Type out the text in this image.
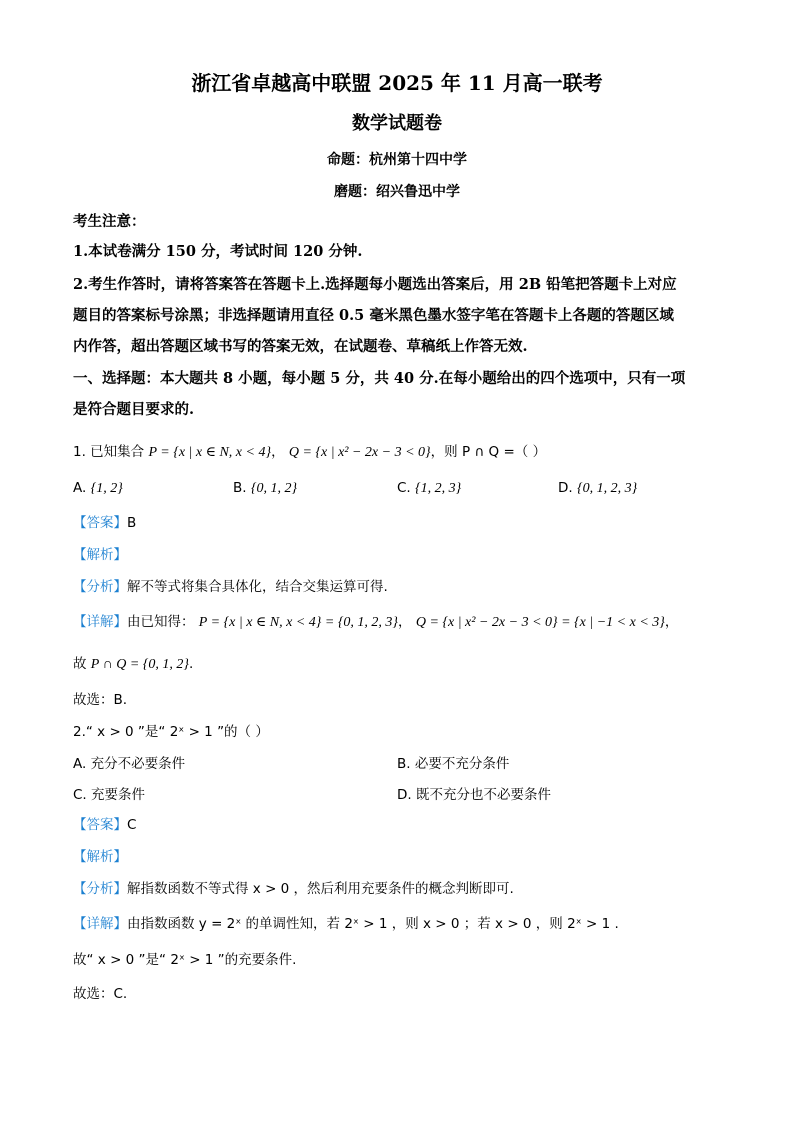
浙江省卓越高中联盟 2025 年 11 月高一联考
数学试题卷
命题：杭州第十四中学
磨题：绍兴鲁迅中学
考生注意：
1.本试卷满分 150 分，考试时间 120 分钟.
2.考生作答时，请将答案答在答题卡上.选择题每小题选出答案后，用 2B 铅笔把答题卡上对应
题目的答案标号涂黑；非选择题请用直径 0.5 毫米黑色墨水签字笔在答题卡上各题的答题区域
内作答，超出答题区域书写的答案无效，在试题卷、草稿纸上作答无效.
一、选择题：本大题共 8 小题，每小题 5 分，共 40 分.在每小题给出的四个选项中，只有一项
是符合题目要求的.
1. 已知集合 P = {x | x ∈ N, x < 4}， Q = {x | x² − 2x − 3 < 0}，则 P ∩ Q =（ ）
A. {1, 2}	B. {0, 1, 2}	C. {1, 2, 3}	D. {0, 1, 2, 3}
【答案】B
【解析】
【分析】解不等式将集合具体化，结合交集运算可得.
【详解】由已知得： P = {x | x ∈ N, x < 4} = {0, 1, 2, 3}， Q = {x | x² − 2x − 3 < 0} = {x | −1 < x < 3}，
故 P ∩ Q = {0, 1, 2}.
故选：B.
2.“ x > 0 ”是“ 2ˣ > 1 ”的（ ）
A. 充分不必要条件	B. 必要不充分条件
C. 充要条件	D. 既不充分也不必要条件
【答案】C
【解析】
【分析】解指数函数不等式得 x > 0 ，然后利用充要条件的概念判断即可.
【详解】由指数函数 y = 2ˣ 的单调性知，若 2ˣ > 1 ，则 x > 0 ；若 x > 0 ，则 2ˣ > 1 .
故“ x > 0 ”是“ 2ˣ > 1 ”的充要条件.
故选：C.
